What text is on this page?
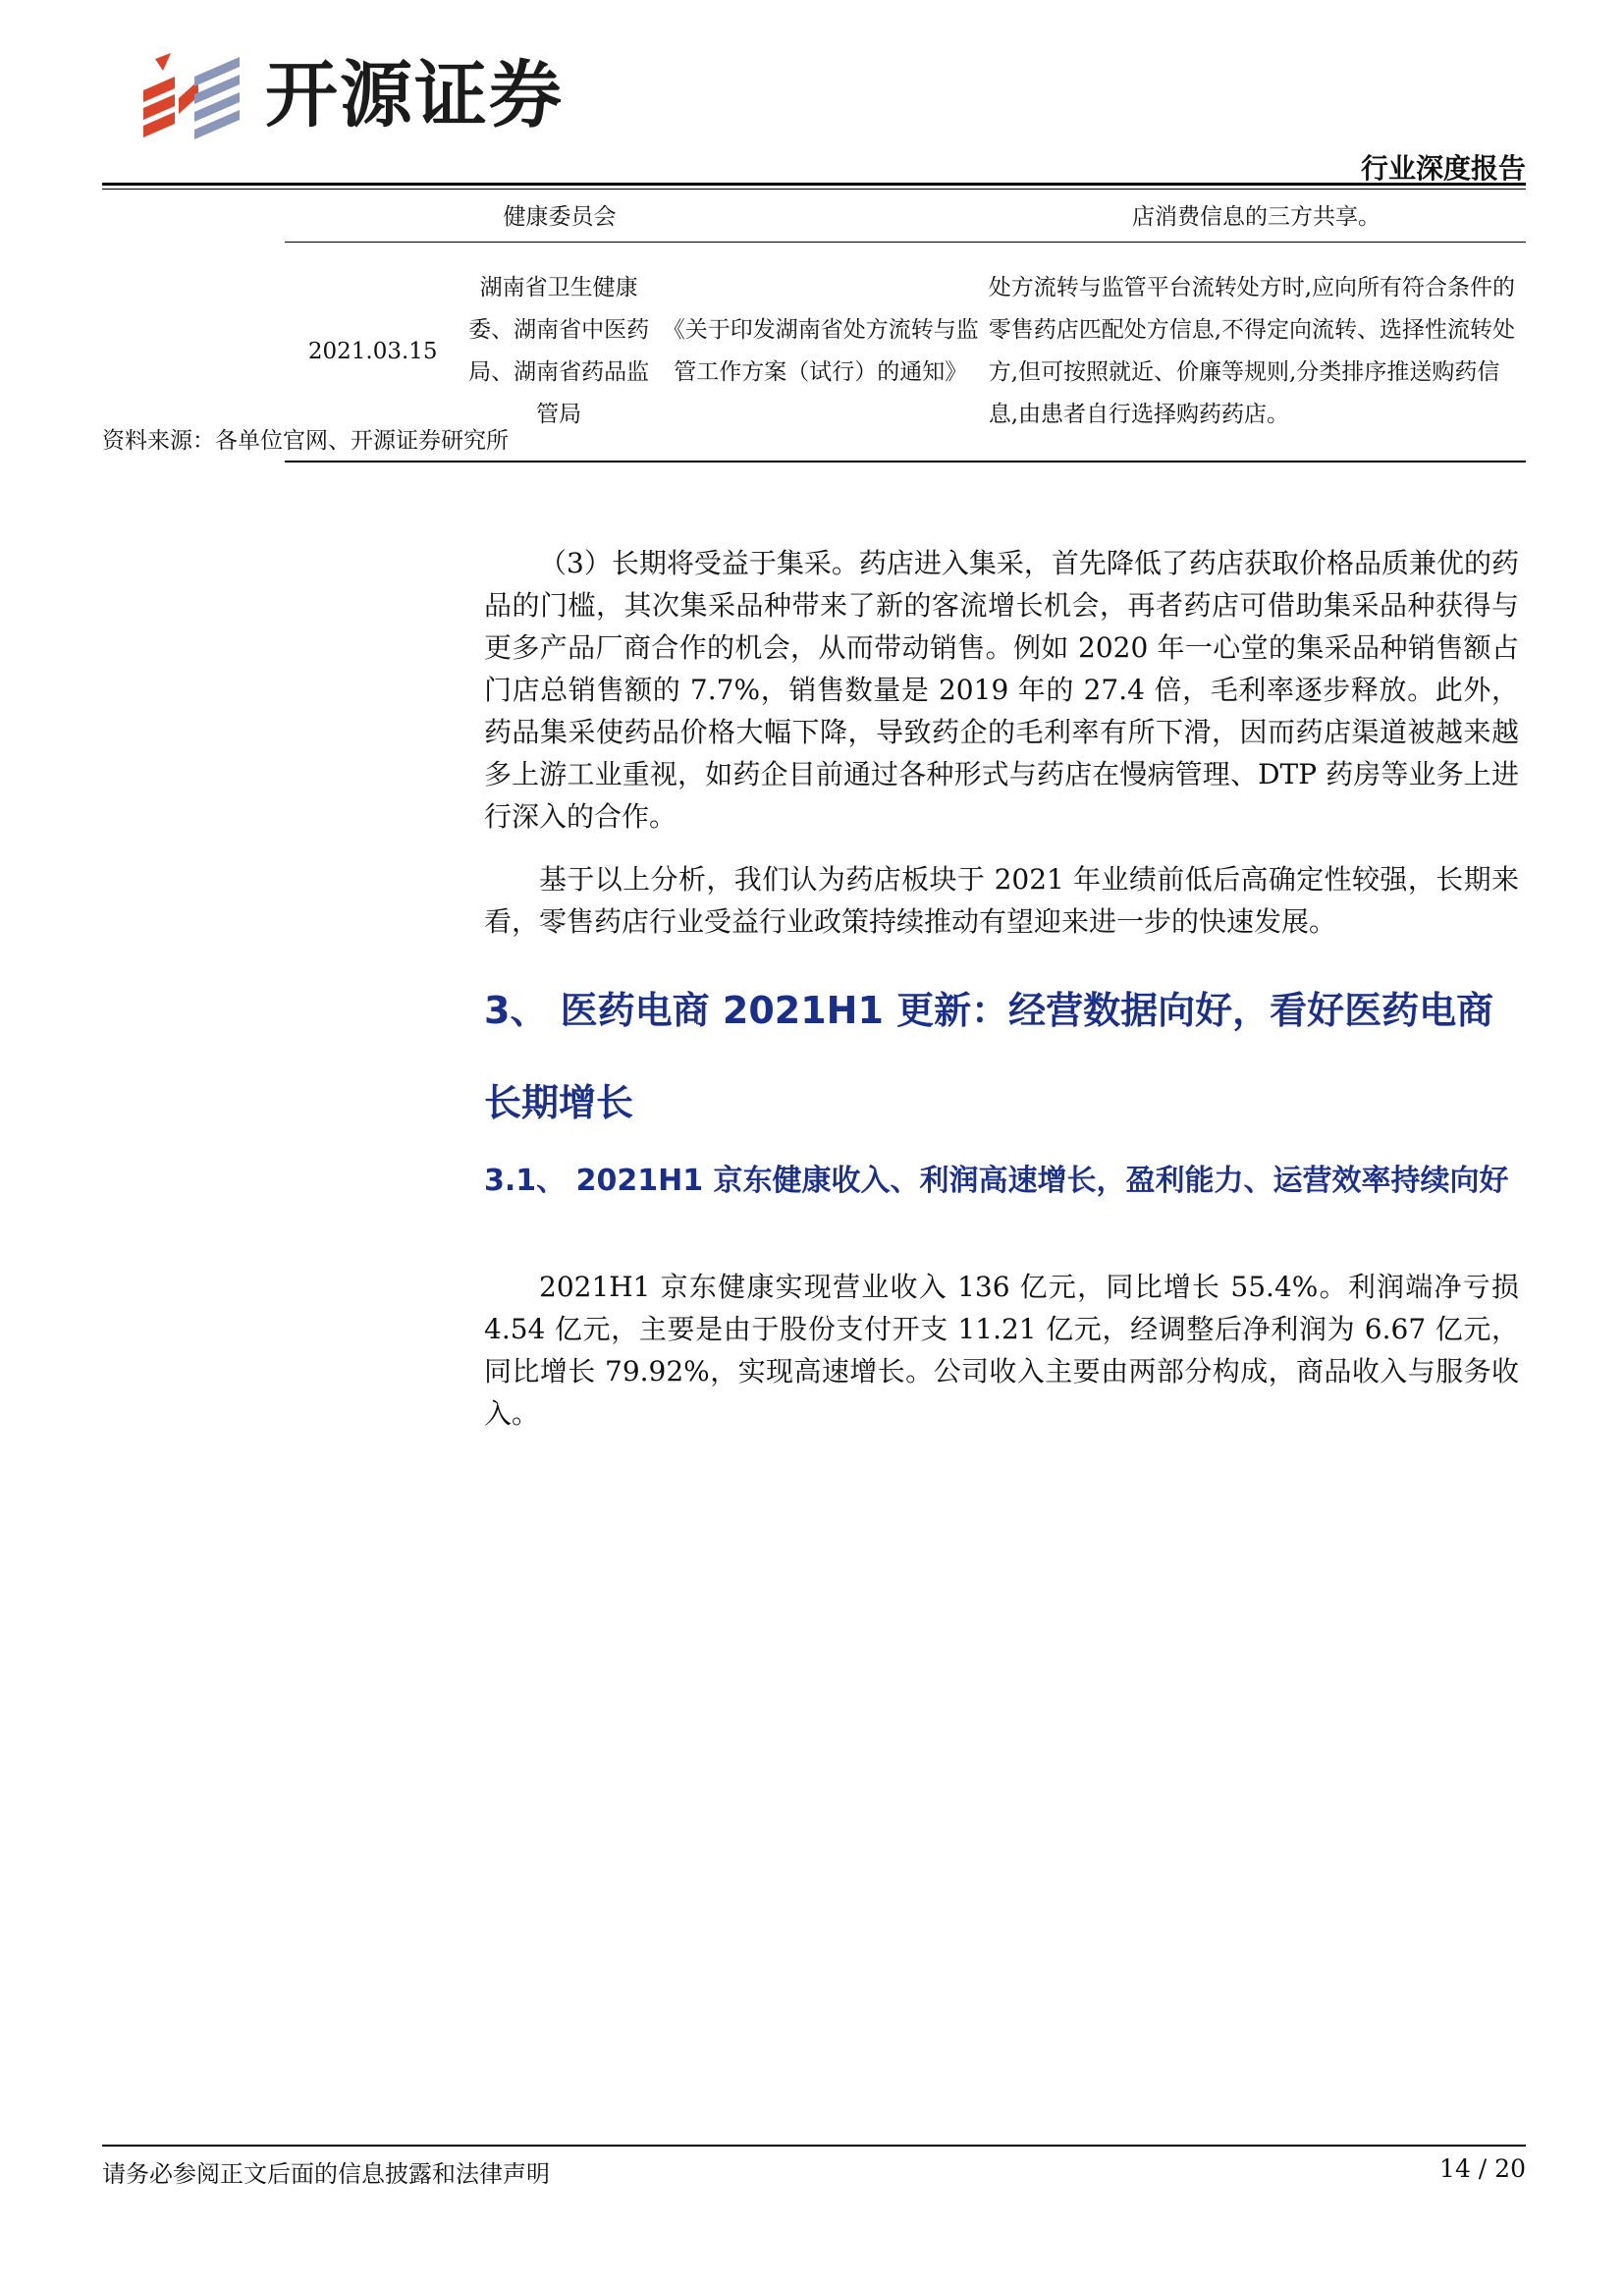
开源证券
行业深度报告
健康委员会	店消费信息的三方共享。
2021.03.15
湖南省卫生健康委、湖南省中医药局、湖南省药品监管局
《关于印发湖南省处方流转与监管工作方案（试行）的通知》
处方流转与监管平台流转处方时,应向所有符合条件的零售药店匹配处方信息,不得定向流转、选择性流转处方,但可按照就近、价廉等规则,分类排序推送购药信息,由患者自行选择购药药店。
资料来源：各单位官网、开源证券研究所
（3）长期将受益于集采。药店进入集采，首先降低了药店获取价格品质兼优的药品的门槛，其次集采品种带来了新的客流增长机会，再者药店可借助集采品种获得与更多产品厂商合作的机会，从而带动销售。例如 2020 年一心堂的集采品种销售额占门店总销售额的 7.7%，销售数量是 2019 年的 27.4 倍，毛利率逐步释放。此外，药品集采使药品价格大幅下降，导致药企的毛利率有所下滑，因而药店渠道被越来越多上游工业重视，如药企目前通过各种形式与药店在慢病管理、DTP 药房等业务上进行深入的合作。
基于以上分析，我们认为药店板块于 2021 年业绩前低后高确定性较强，长期来看，零售药店行业受益行业政策持续推动有望迎来进一步的快速发展。
3、 医药电商 2021H1 更新：经营数据向好，看好医药电商长期增长
3.1、 2021H1 京东健康收入、利润高速增长，盈利能力、运营效率持续向好
2021H1 京东健康实现营业收入 136 亿元，同比增长 55.4%。利润端净亏损 4.54 亿元，主要是由于股份支付开支 11.21 亿元，经调整后净利润为 6.67 亿元，同比增长 79.92%，实现高速增长。公司收入主要由两部分构成，商品收入与服务收入。
请务必参阅正文后面的信息披露和法律声明	14 / 20
